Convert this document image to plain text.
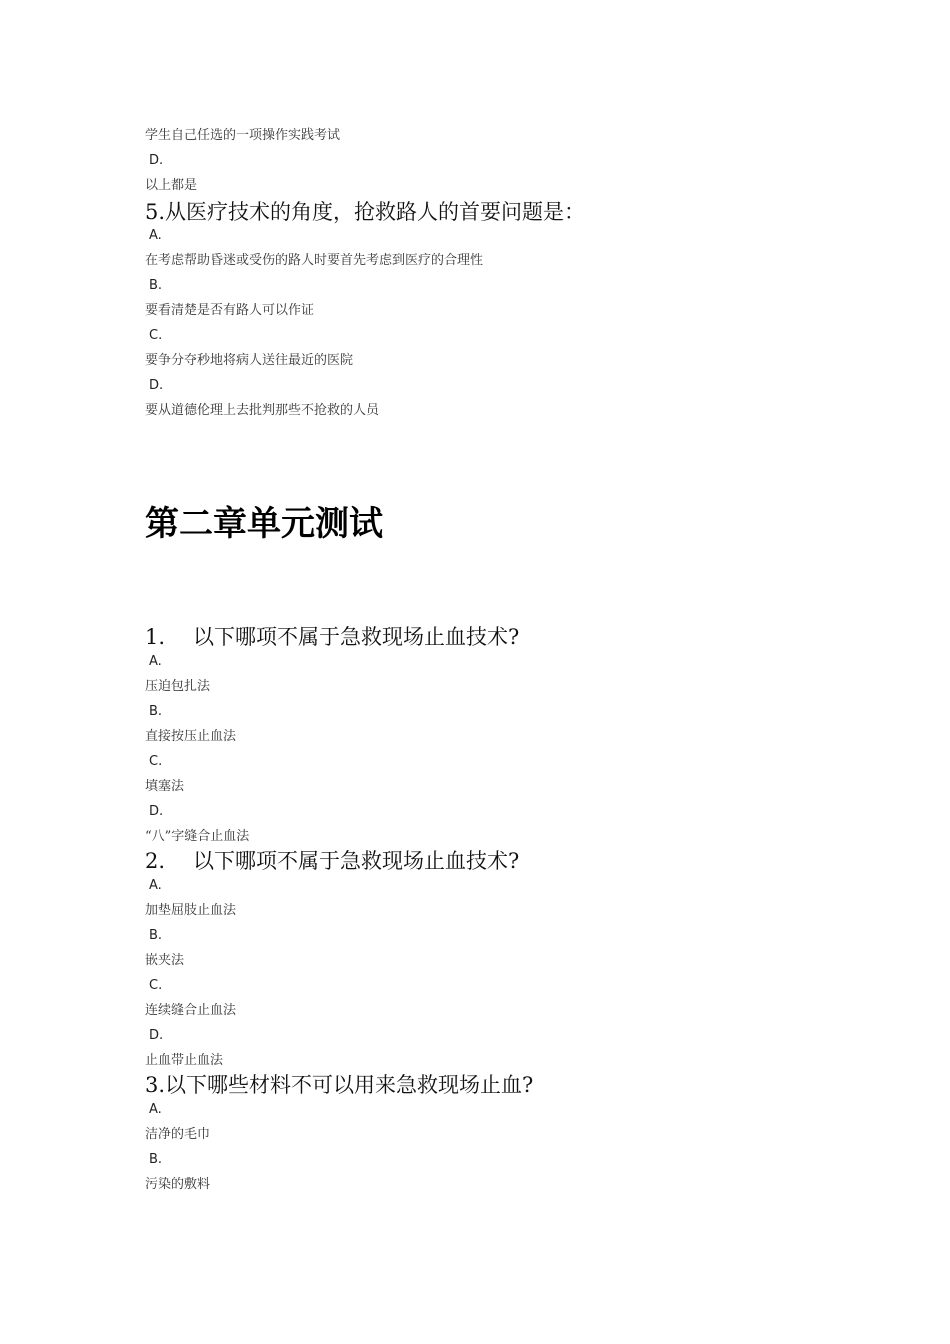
学生自己任选的一项操作实践考试
D.
以上都是
5.从医疗技术的角度，抢救路人的首要问题是：
A.
在考虑帮助昏迷或受伤的路人时要首先考虑到医疗的合理性
B.
要看清楚是否有路人可以作证
C.
要争分夺秒地将病人送往最近的医院
D.
要从道德伦理上去批判那些不抢救的人员
第二章单元测试
1. 以下哪项不属于急救现场止血技术?
A.
压迫包扎法
B.
直接按压止血法
C.
填塞法
D.
“八”字缝合止血法
2. 以下哪项不属于急救现场止血技术?
A.
加垫屈肢止血法
B.
嵌夹法
C.
连续缝合止血法
D.
止血带止血法
3.以下哪些材料不可以用来急救现场止血?
A.
洁净的毛巾
B.
污染的敷料
